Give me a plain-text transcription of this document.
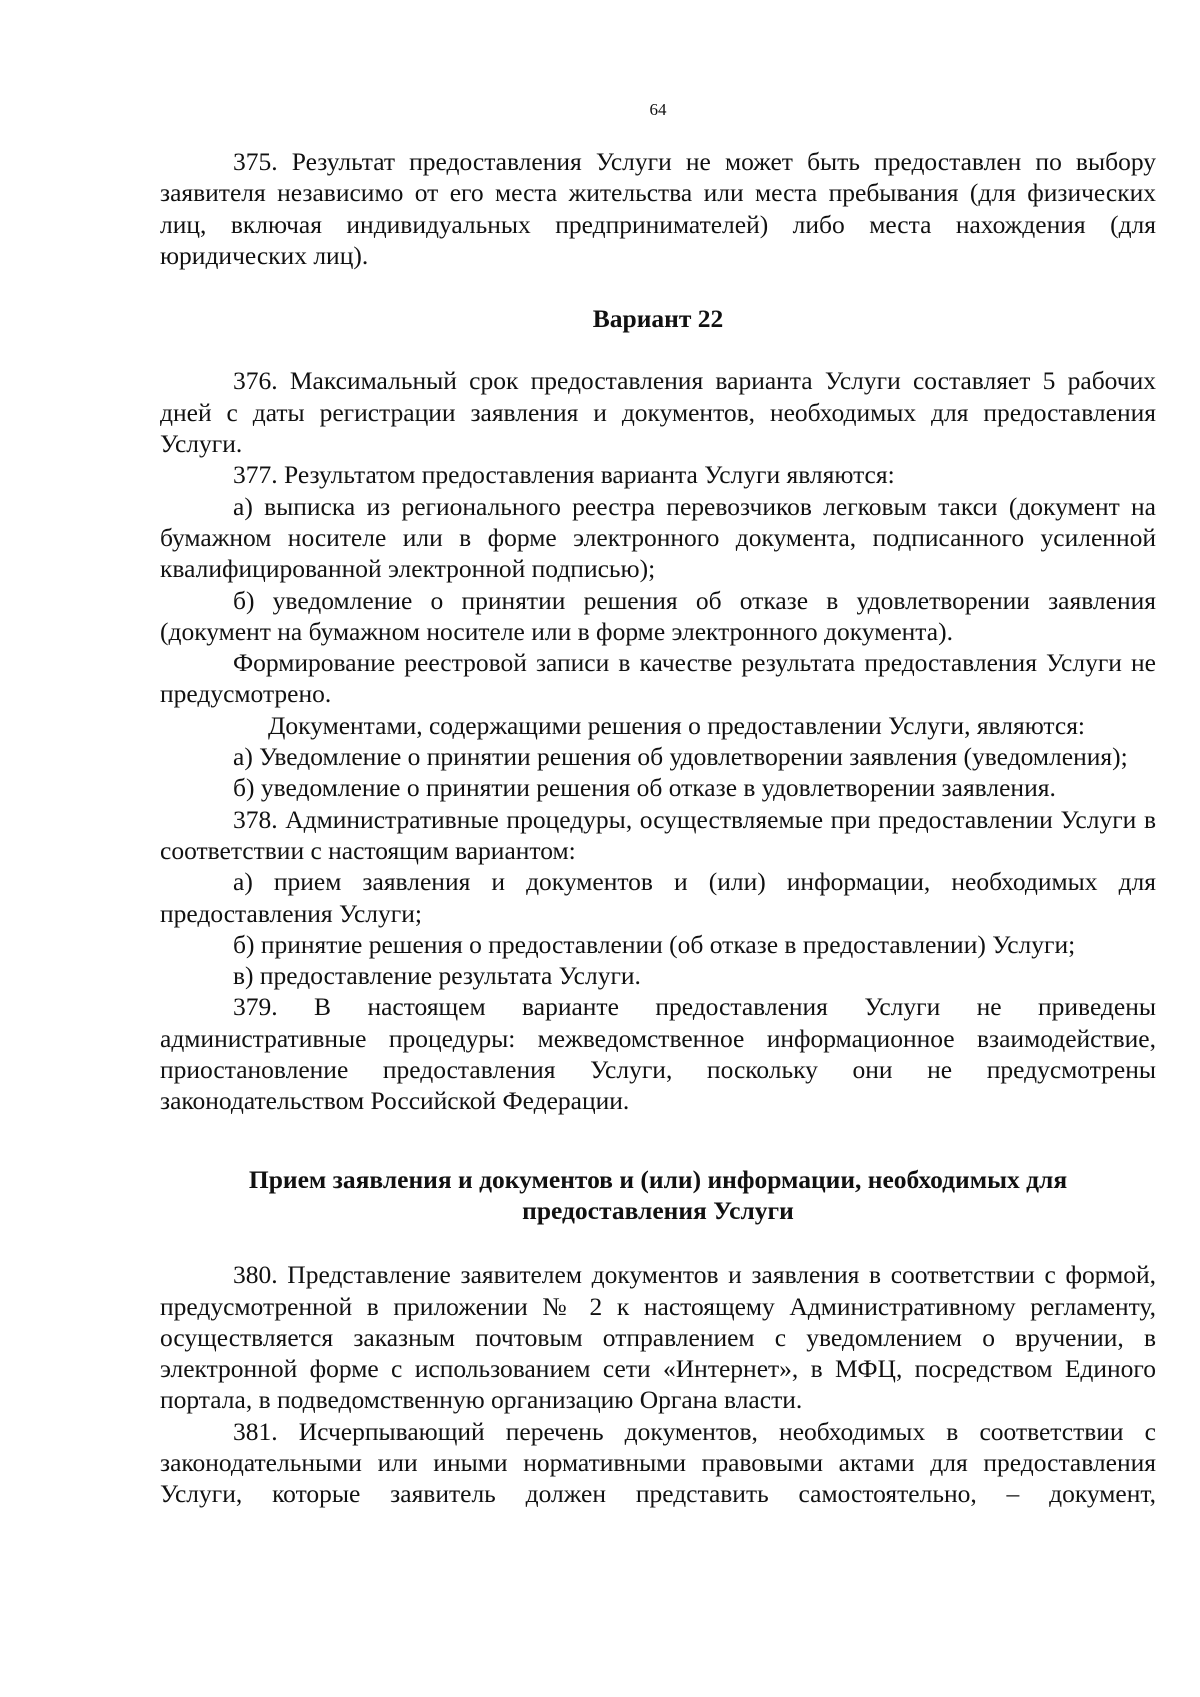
64

375. Результат предоставления Услуги не может быть предоставлен по выбору заявителя независимо от его места жительства или места пребывания (для физических лиц, включая индивидуальных предпринимателей) либо места нахождения (для юридических лиц).

Вариант 22

376. Максимальный срок предоставления варианта Услуги составляет 5 рабочих дней с даты регистрации заявления и документов, необходимых для предоставления Услуги.

377. Результатом предоставления варианта Услуги являются:

а) выписка из регионального реестра перевозчиков легковым такси (документ на бумажном носителе или в форме электронного документа, подписанного усиленной квалифицированной электронной подписью);

б) уведомление о принятии решения об отказе в удовлетворении заявления (документ на бумажном носителе или в форме электронного документа).

Формирование реестровой записи в качестве результата предоставления Услуги не предусмотрено.

Документами, содержащими решения о предоставлении Услуги, являются:

а) Уведомление о принятии решения об удовлетворении заявления (уведомления);

б) уведомление о принятии решения об отказе в удовлетворении заявления.

378. Административные процедуры, осуществляемые при предоставлении Услуги в соответствии с настоящим вариантом:

а) прием заявления и документов и (или) информации, необходимых для предоставления Услуги;

б) принятие решения о предоставлении (об отказе в предоставлении) Услуги;

в) предоставление результата Услуги.

379. В настоящем варианте предоставления Услуги не приведены административные процедуры: межведомственное информационное взаимодействие, приостановление предоставления Услуги, поскольку они не предусмотрены законодательством Российской Федерации.

Прием заявления и документов и (или) информации, необходимых для предоставления Услуги

380. Представление заявителем документов и заявления в соответствии с формой, предусмотренной в приложении № 2 к настоящему Административному регламенту, осуществляется заказным почтовым отправлением с уведомлением о вручении, в электронной форме с использованием сети «Интернет», в МФЦ, посредством Единого портала, в подведомственную организацию Органа власти.

381. Исчерпывающий перечень документов, необходимых в соответствии с законодательными или иными нормативными правовыми актами для предоставления Услуги, которые заявитель должен представить самостоятельно, – документ,
